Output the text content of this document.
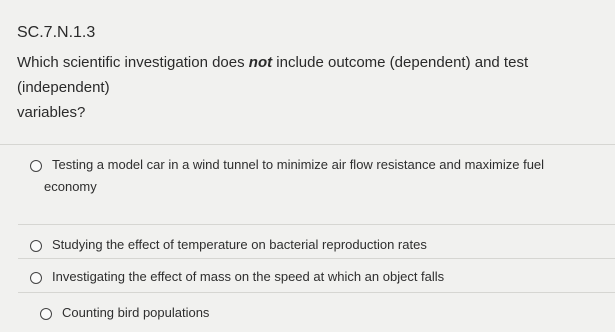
SC.7.N.1.3
Which scientific investigation does not include outcome (dependent) and test
(independent)
variables?
Testing a model car in a wind tunnel to minimize air flow resistance and maximize fuel
economy
Studying the effect of temperature on bacterial reproduction rates
Investigating the effect of mass on the speed at which an object falls
Counting bird populations
